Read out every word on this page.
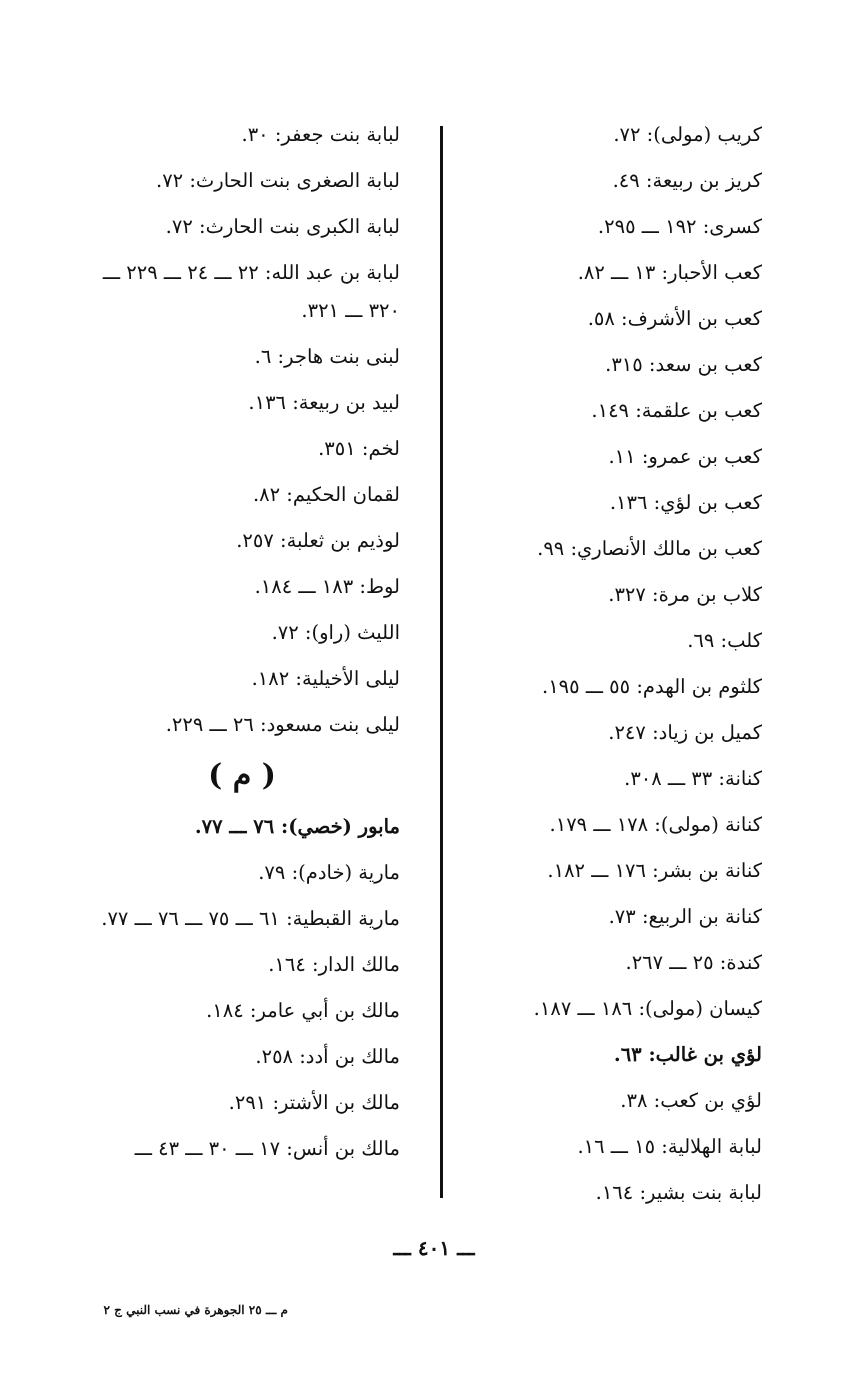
كريب (مولى): ٧٢.
كريز بن ربيعة: ٤٩.
كسرى: ١٩٢ ـــ ٢٩٥.
كعب الأحبار: ١٣ ـــ ٨٢.
كعب بن الأشرف: ٥٨.
كعب بن سعد: ٣١٥.
كعب بن علقمة: ١٤٩.
كعب بن عمرو: ١١.
كعب بن لؤي: ١٣٦.
كعب بن مالك الأنصاري: ٩٩.
كلاب بن مرة: ٣٢٧.
كلب: ٦٩.
كلثوم بن الهدم: ٥٥ ـــ ١٩٥.
كميل بن زياد: ٢٤٧.
كنانة: ٣٣ ـــ ٣٠٨.
كنانة (مولى): ١٧٨ ـــ ١٧٩.
كنانة بن بشر: ١٧٦ ـــ ١٨٢.
كنانة بن الربيع: ٧٣.
كندة: ٢٥ ـــ ٢٦٧.
كيسان (مولى): ١٨٦ ـــ ١٨٧.
لؤي بن غالب: ٦٣.
لؤي بن كعب: ٣٨.
لبابة الهلالية: ١٥ ـــ ١٦.
لبابة بنت بشير: ١٦٤.
لبابة بنت جعفر: ٣٠.
لبابة الصغرى بنت الحارث: ٧٢.
لبابة الكبرى بنت الحارث: ٧٢.
لبابة بن عبد الله: ٢٢ ـــ ٢٤ ـــ ٢٢٩ ـــ ٣٢٠ ـــ ٣٢١.
لبنى بنت هاجر: ٦.
لبيد بن ربيعة: ١٣٦.
لخم: ٣٥١.
لقمان الحكيم: ٨٢.
لوذيم بن ثعلبة: ٢٥٧.
لوط: ١٨٣ ـــ ١٨٤.
الليث (راو): ٧٢.
ليلى الأخيلية: ١٨٢.
ليلى بنت مسعود: ٢٦ ـــ ٢٢٩.
( م )
مابور (خصي): ٧٦ ـــ ٧٧.
مارية (خادم): ٧٩.
مارية القبطية: ٦١ ـــ ٧٥ ـــ ٧٦ ـــ ٧٧.
مالك الدار: ١٦٤.
مالك بن أبي عامر: ١٨٤.
مالك بن أدد: ٢٥٨.
مالك بن الأشتر: ٢٩١.
مالك بن أنس: ١٧ ـــ ٣٠ ـــ ٤٣ ـــ
ـــ ٤٠١ ـــ
م ـــ ٢٥ الجوهرة في نسب النبي ج ٢
